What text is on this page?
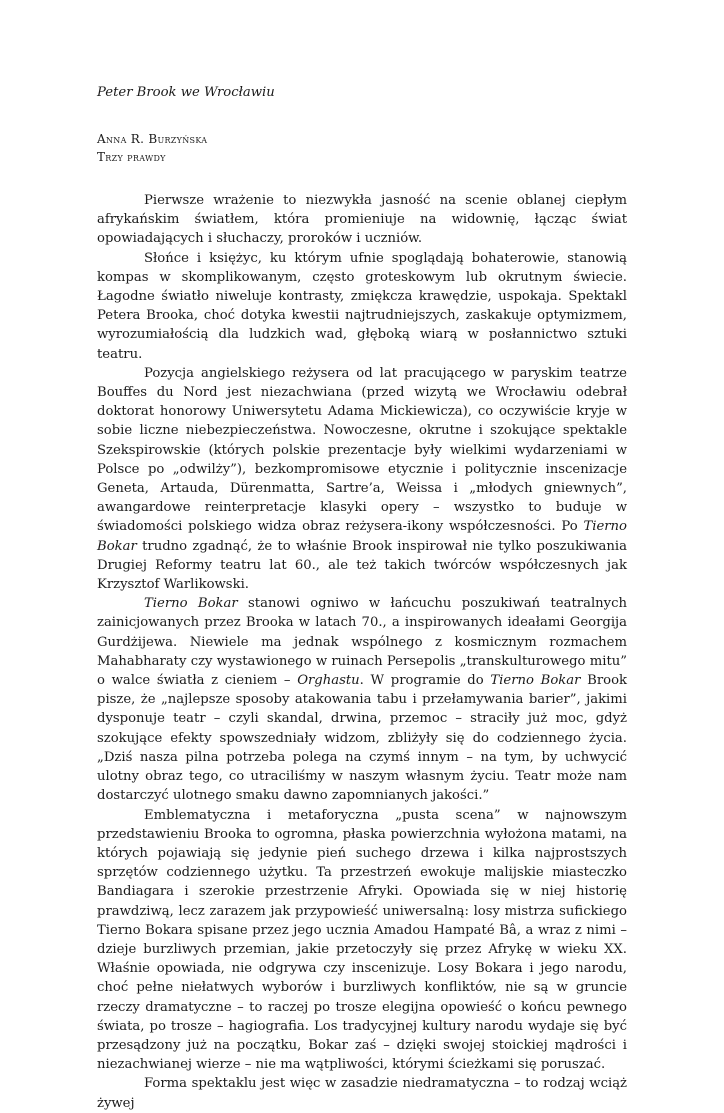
Peter Brook we Wrocławiu

Anna R. Burzyńska
Trzy prawdy

Pierwsze wrażenie to niezwykła jasność na scenie oblanej ciepłym afrykańskim światłem, która promieniuje na widownię, łącząc świat opowiadających i słuchaczy, proroków i uczniów.

Słońce i księżyc, ku którym ufnie spoglądają bohaterowie, stanowią kompas w skomplikowanym, często groteskowym lub okrutnym świecie. Łagodne światło niweluje kontrasty, zmiękcza krawędzie, uspokaja. Spektakl Petera Brooka, choć dotyka kwestii najtrudniejszych, zaskakuje optymizmem, wyrozumiałością dla ludzkich wad, głęboką wiarą w posłannictwo sztuki teatru.

Pozycja angielskiego reżysera od lat pracującego w paryskim teatrze Bouffes du Nord jest niezachwiana (przed wizytą we Wrocławiu odebrał doktorat honorowy Uniwersytetu Adama Mickiewicza), co oczywiście kryje w sobie liczne niebezpieczeństwa. Nowoczesne, okrutne i szokujące spektakle Szekspirowskie (których polskie prezentacje były wielkimi wydarzeniami w Polsce po „odwilży”), bezkompromisowe etycznie i politycznie inscenizacje Geneta, Artauda, Dürenmatta, Sartre’a, Weissa i „młodych gniewnych”, awangardowe reinterpretacje klasyki opery – wszystko to buduje w świadomości polskiego widza obraz reżysera-ikony współczesności. Po Tierno Bokar trudno zgadnąć, że to właśnie Brook inspirował nie tylko poszukiwania Drugiej Reformy teatru lat 60., ale też takich twórców współczesnych jak Krzysztof Warlikowski.

Tierno Bokar stanowi ogniwo w łańcuchu poszukiwań teatralnych zainicjowanych przez Brooka w latach 70., a inspirowanych ideałami Georgija Gurdżijewa. Niewiele ma jednak wspólnego z kosmicznym rozmachem Mahabharaty czy wystawionego w ruinach Persepolis „transkulturowego mitu” o walce światła z cieniem – Orghastu. W programie do Tierno Bokar Brook pisze, że „najlepsze sposoby atakowania tabu i przełamywania barier”, jakimi dysponuje teatr – czyli skandal, drwina, przemoc – straciły już moc, gdyż szokujące efekty spowszedniały widzom, zbliżyły się do codziennego życia. „Dziś nasza pilna potrzeba polega na czymś innym – na tym, by uchwycić ulotny obraz tego, co utraciliśmy w naszym własnym życiu. Teatr może nam dostarczyć ulotnego smaku dawno zapomnianych jakości.”

Emblematyczna i metaforyczna „pusta scena” w najnowszym przedstawieniu Brooka to ogromna, płaska powierzchnia wyłożona matami, na których pojawiają się jedynie pień suchego drzewa i kilka najprostszych sprzętów codziennego użytku. Ta przestrzeń ewokuje malijskie miasteczko Bandiagara i szerokie przestrzenie Afryki. Opowiada się w niej historię prawdziwą, lecz zarazem jak przypowieść uniwersalną: losy mistrza sufickiego Tierno Bokara spisane przez jego ucznia Amadou Hampaté Bâ, a wraz z nimi – dzieje burzliwych przemian, jakie przetoczyły się przez Afrykę w wieku XX. Właśnie opowiada, nie odgrywa czy inscenizuje. Losy Bokara i jego narodu, choć pełne niełatwych wyborów i burzliwych konfliktów, nie są w gruncie rzeczy dramatyczne – to raczej po trosze elegijna opowieść o końcu pewnego świata, po trosze – hagiografia. Los tradycyjnej kultury narodu wydaje się być przesądzony już na początku, Bokar zaś – dzięki swojej stoickiej mądrości i niezachwianej wierze – nie ma wątpliwości, którymi ścieżkami się poruszać.

Forma spektaklu jest więc w zasadzie niedramatyczna – to rodzaj wciąż żywej
